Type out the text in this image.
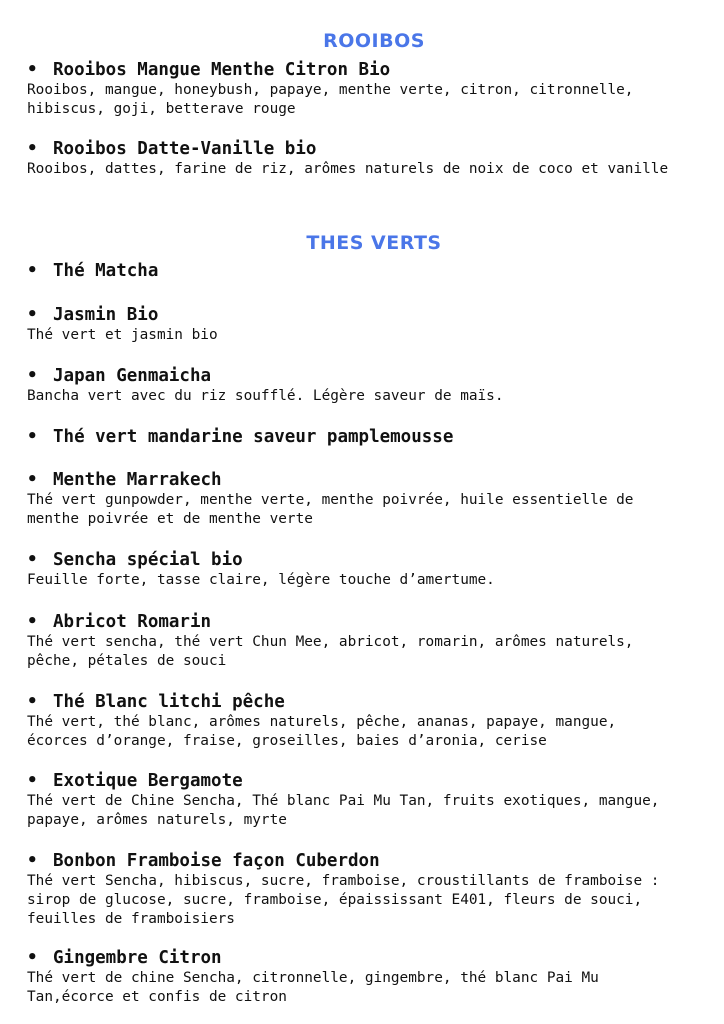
ROOIBOS

• Rooibos Mangue Menthe Citron Bio

Rooibos, mangue, honeybush, papaye, menthe verte, citron, citronnelle,
hibiscus, goji, betterave rouge

• Rooibos Datte-Vanille bio

Rooibos, dattes, farine de riz, arômes naturels de noix de coco et vanille

THES VERTS

• Thé Matcha

• Jasmin Bio

Thé vert et jasmin bio

• Japan Genmaicha

Bancha vert avec du riz soufflé. Légère saveur de maïs.

• Thé vert mandarine saveur pamplemousse

• Menthe Marrakech

Thé vert gunpowder, menthe verte, menthe poivrée, huile essentielle de
menthe poivrée et de menthe verte

• Sencha spécial bio

Feuille forte, tasse claire, légère touche d’amertume.

• Abricot Romarin

Thé vert sencha, thé vert Chun Mee, abricot, romarin, arômes naturels,
pêche, pétales de souci

• Thé Blanc litchi pêche

Thé vert, thé blanc, arômes naturels, pêche, ananas, papaye, mangue,
écorces d’orange, fraise, groseilles, baies d’aronia, cerise

• Exotique Bergamote

Thé vert de Chine Sencha, Thé blanc Pai Mu Tan, fruits exotiques, mangue,
papaye, arômes naturels, myrte

• Bonbon Framboise façon Cuberdon

Thé vert Sencha, hibiscus, sucre, framboise, croustillants de framboise :
sirop de glucose, sucre, framboise, épaississant E401, fleurs de souci,
feuilles de framboisiers

• Gingembre Citron

Thé vert de chine Sencha, citronnelle, gingembre, thé blanc Pai Mu
Tan,écorce et confis de citron
